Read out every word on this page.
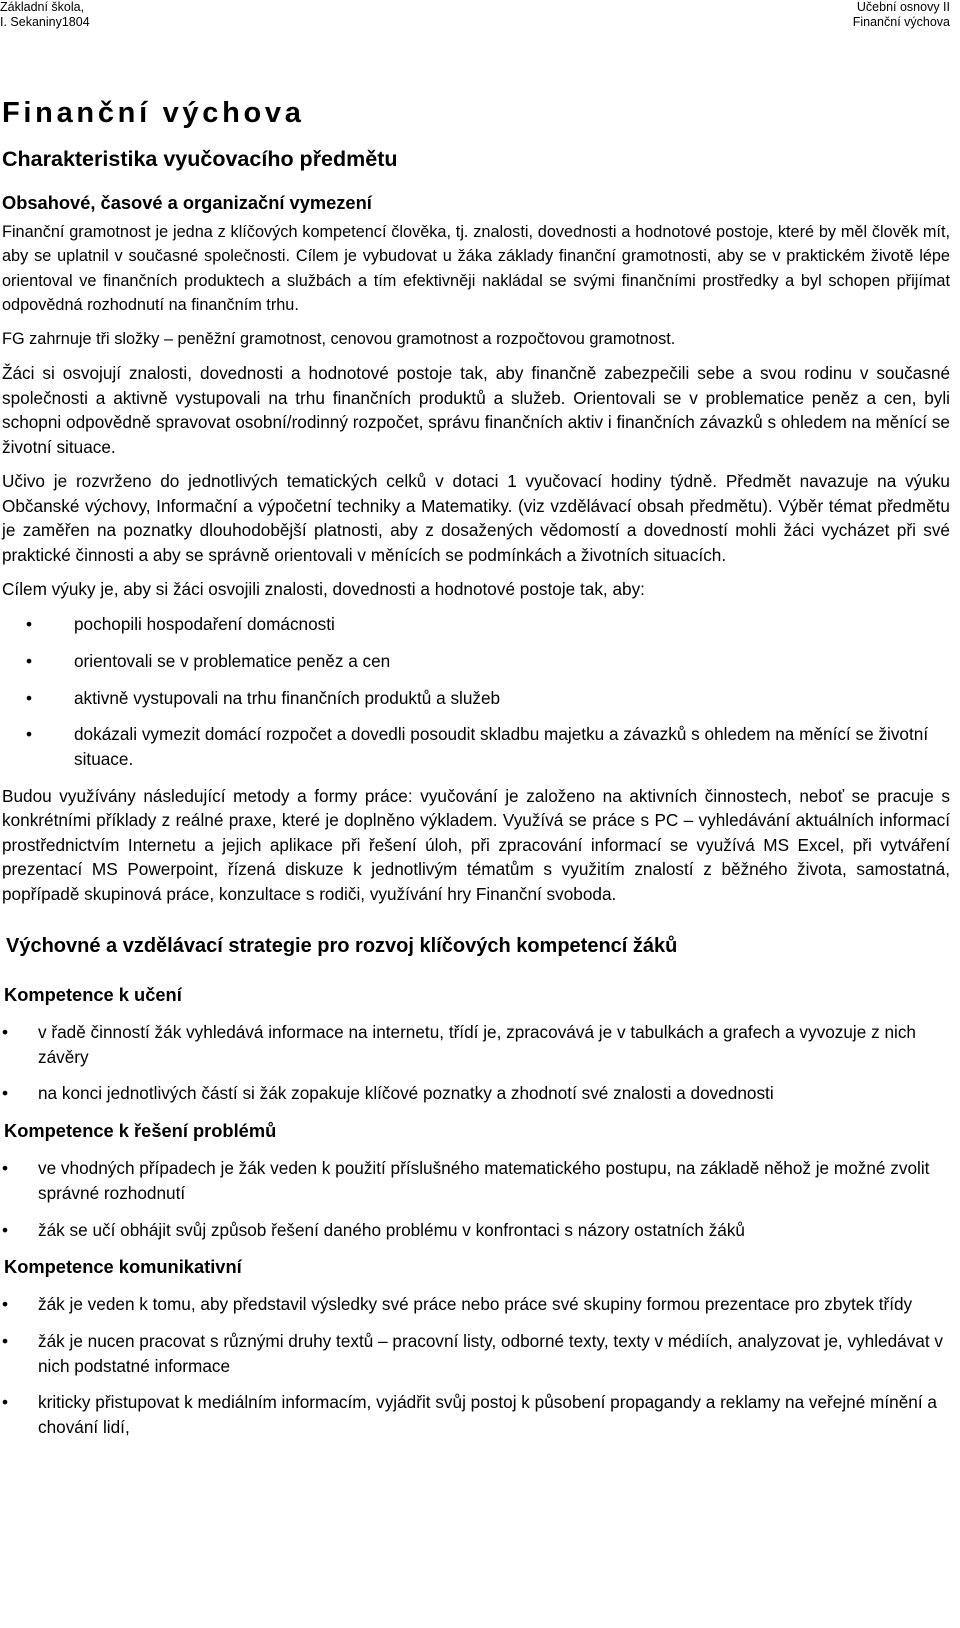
Základní škola,
I. Sekaniny1804
Učební osnovy II
Finanční výchova
Finanční výchova
Charakteristika vyučovacího předmětu
Obsahové, časové a organizační vymezení

Finanční gramotnost je jedna z klíčových kompetencí člověka, tj. znalosti, dovednosti a hodnotové postoje, které by měl člověk mít, aby se uplatnil v současné společnosti. Cílem je vybudovat u žáka základy finanční gramotnosti, aby se v praktickém životě lépe orientoval ve finančních produktech a službách a tím efektivněji nakládal se svými finančními prostředky a byl schopen přijímat odpovědná rozhodnutí na finančním trhu.

FG zahrnuje tři složky – peněžní gramotnost, cenovou gramotnost a rozpočtovou gramotnost.

Žáci si osvojují znalosti, dovednosti a hodnotové postoje tak, aby finančně zabezpečili sebe a svou rodinu v současné společnosti a aktivně vystupovali na trhu finančních produktů a služeb. Orientovali se v problematice peněz a cen, byli schopni odpovědně spravovat osobní/rodinný rozpočet, správu finančních aktiv i finančních závazků s ohledem na měnící se životní situace.

Učivo je rozvrženo do jednotlivých tematických celků v dotaci 1 vyučovací hodiny týdně. Předmět navazuje na výuku Občanské výchovy, Informační a výpočetní techniky a Matematiky. (viz vzdělávací obsah předmětu). Výběr témat předmětu je zaměřen na poznatky dlouhodobější platnosti, aby z dosažených vědomostí a dovedností mohli žáci vycházet při své praktické činnosti a aby se správně orientovali v měnících se podmínkách a životních situacích.

Cílem výuky je, aby si žáci osvojili znalosti, dovednosti a hodnotové postoje tak, aby:

• pochopili hospodaření domácnosti
• orientovali se v problematice peněz a cen
• aktivně vystupovali na trhu finančních produktů a služeb
• dokázali vymezit domácí rozpočet a dovedli posoudit skladbu majetku a závazků s ohledem na měnící se životní situace.

Budou využívány následující metody a formy práce: vyučování je založeno na aktivních činnostech, neboť se pracuje s konkrétními příklady z reálné praxe, které je doplněno výkladem. Využívá se práce s PC – vyhledávání aktuálních informací prostřednictvím Internetu a jejich aplikace při řešení úloh, při zpracování informací se využívá MS Excel, při vytváření prezentací MS Powerpoint, řízená diskuze k jednotlivým tématům s využitím znalostí z běžného života, samostatná, popřípadě skupinová práce, konzultace s rodiči, využívání hry Finanční svoboda.

Výchovné a vzdělávací strategie pro rozvoj klíčových kompetencí žáků
Kompetence k učení
• v řadě činností žák vyhledává informace na internetu, třídí je, zpracovává je v tabulkách a grafech a vyvozuje z nich závěry
• na konci jednotlivých částí si žák zopakuje klíčové poznatky a zhodnotí své znalosti a dovednosti
Kompetence k řešení problémů
• ve vhodných případech je žák veden k použití příslušného matematického postupu, na základě něhož je možné zvolit správné rozhodnutí
• žák se učí obhájit svůj způsob řešení daného problému v konfrontaci s názory ostatních žáků
Kompetence komunikativní
• žák je veden k tomu, aby představil výsledky své práce nebo práce své skupiny formou prezentace pro zbytek třídy
• žák je nucen pracovat s různými druhy textů – pracovní listy, odborné texty, texty v médiích, analyzovat je, vyhledávat v nich podstatné informace
• kriticky přistupovat k mediálním informacím, vyjádřit svůj postoj k působení propagandy a reklamy na veřejné mínění a chování lidí,
